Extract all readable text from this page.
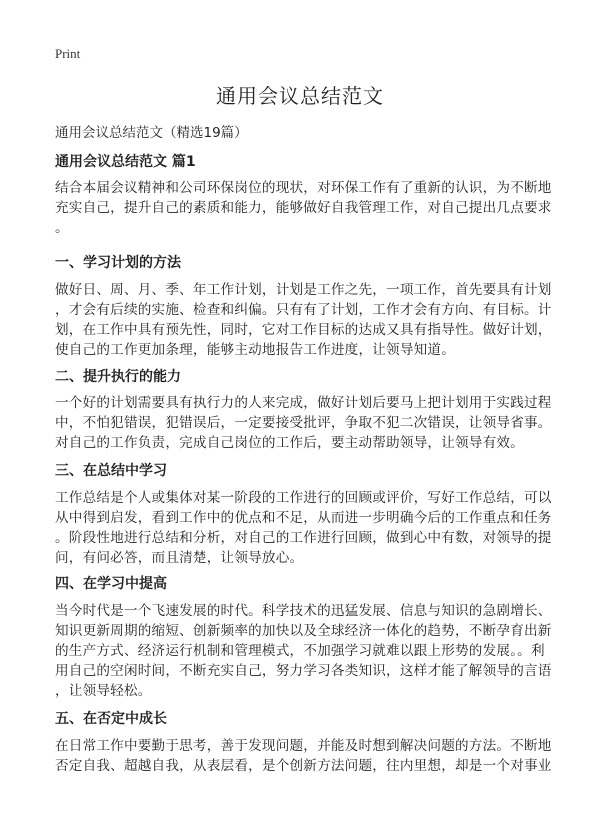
Print
通用会议总结范文
通用会议总结范文（精选19篇）
通用会议总结范文 篇1
结合本届会议精神和公司环保岗位的现状，对环保工作有了重新的认识，为不断地
充实自己，提升自己的素质和能力，能够做好自我管理工作，对自己提出几点要求
。
一、学习计划的方法
做好日、周、月、季、年工作计划，计划是工作之先，一项工作，首先要具有计划
，才会有后续的实施、检查和纠偏。只有有了计划，工作才会有方向、有目标。计
划，在工作中具有预先性，同时，它对工作目标的达成又具有指导性。做好计划，
使自己的工作更加条理，能够主动地报告工作进度，让领导知道。
二、提升执行的能力
一个好的计划需要具有执行力的人来完成，做好计划后要马上把计划用于实践过程
中，不怕犯错误，犯错误后，一定要接受批评，争取不犯二次错误，让领导省事。
对自己的工作负责，完成自己岗位的工作后，要主动帮助领导，让领导有效。
三、在总结中学习
工作总结是个人或集体对某一阶段的工作进行的回顾或评价，写好工作总结，可以
从中得到启发，看到工作中的优点和不足，从而进一步明确今后的工作重点和任务
。阶段性地进行总结和分析，对自己的工作进行回顾，做到心中有数，对领导的提
问，有问必答，而且清楚，让领导放心。
四、在学习中提高
当今时代是一个飞速发展的时代。科学技术的迅猛发展、信息与知识的急剧增长、
知识更新周期的缩短、创新频率的加快以及全球经济一体化的趋势，不断孕育出新
的生产方式、经济运行机制和管理模式，不加强学习就难以跟上形势的发展。。利
用自己的空闲时间，不断充实自己，努力学习各类知识，这样才能了解领导的言语
，让领导轻松。
五、在否定中成长
在日常工作中要勤于思考，善于发现问题，并能及时想到解决问题的方法。不断地
否定自我、超越自我，从表层看，是个创新方法问题，往内里想，却是一个对事业
